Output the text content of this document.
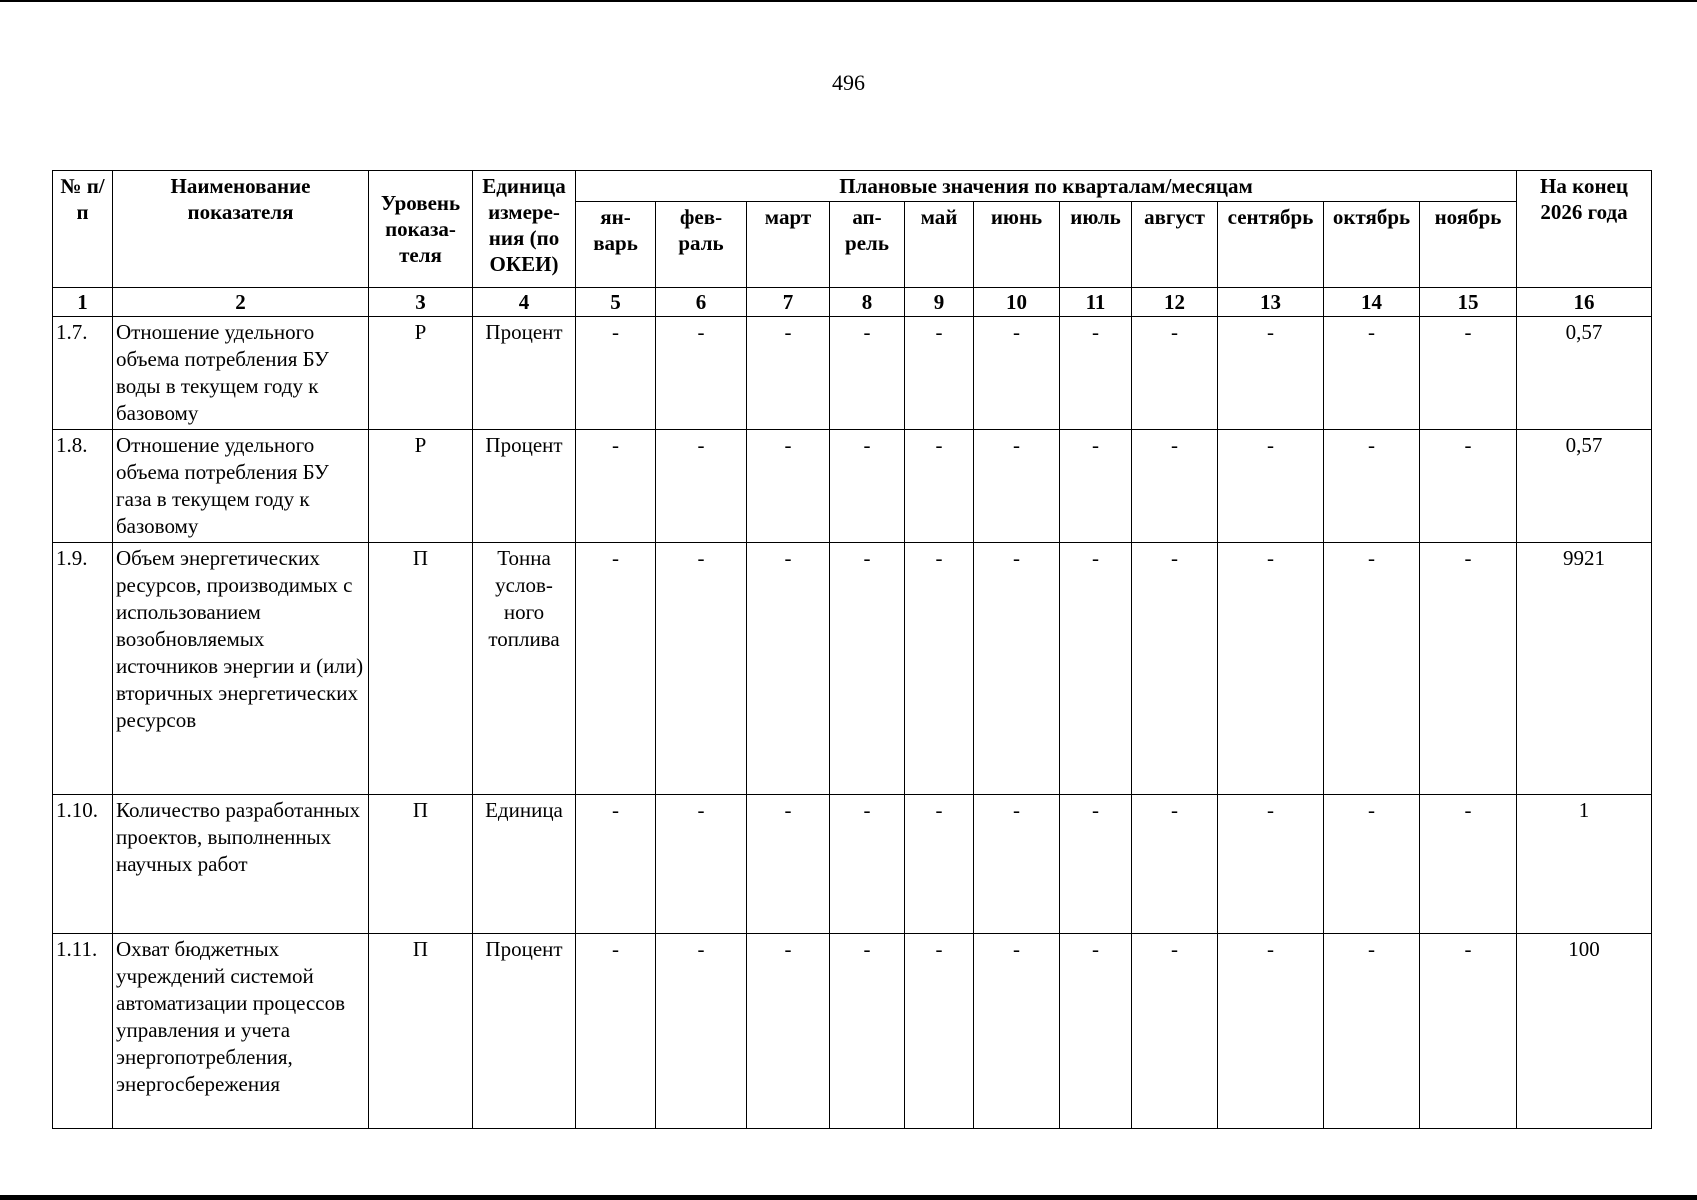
496
№ п/п	Наименование показателя	Уровень показа-теля	Единица измере-ния (по ОКЕИ)	Плановые значения по кварталам/месяцам											На конец 2026 года
				ян-варь	фев-раль	март	ап-рель	май	июнь	июль	август	сентябрь	октябрь	ноябрь	
1	2	3	4	5	6	7	8	9	10	11	12	13	14	15	16
1.7.	Отношение удельного объема потребления БУ воды в текущем году к базовому	Р	Процент	-	-	-	-	-	-	-	-	-	-	-	0,57
1.8.	Отношение удельного объема потребления БУ газа в текущем году к базовому	Р	Процент	-	-	-	-	-	-	-	-	-	-	-	0,57
1.9.	Объем энергетических ресурсов, производимых с использованием возобновляемых источников энергии и (или) вторичных энергетических ресурсов	П	Тонна услов-ного топлива	-	-	-	-	-	-	-	-	-	-	-	9921
1.10.	Количество разработанных проектов, выполненных научных работ	П	Единица	-	-	-	-	-	-	-	-	-	-	-	1
1.11.	Охват бюджетных учреждений системой автоматизации процессов управления и учета энергопотребления, энергосбережения	П	Процент	-	-	-	-	-	-	-	-	-	-	-	100
